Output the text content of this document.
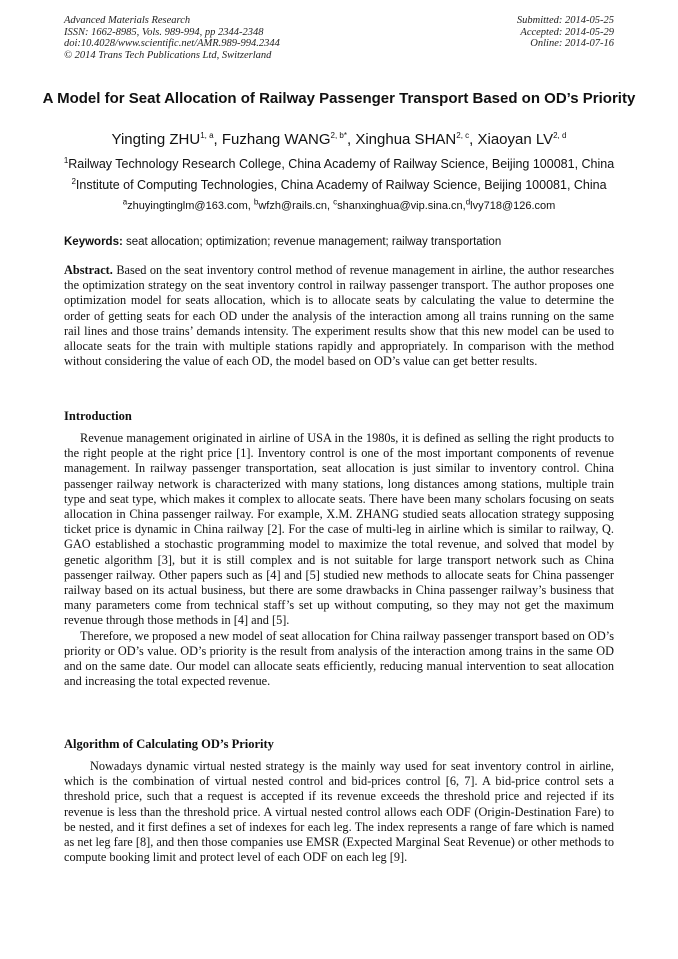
Advanced Materials Research
ISSN: 1662-8985, Vols. 989-994, pp 2344-2348
doi:10.4028/www.scientific.net/AMR.989-994.2344
© 2014 Trans Tech Publications Ltd, Switzerland
Submitted: 2014-05-25
Accepted: 2014-05-29
Online: 2014-07-16
A Model for Seat Allocation of Railway Passenger Transport Based on OD’s Priority
Yingting ZHU$^{1, a}$, Fuzhang $WANG^{2, b*}$, Xinghua SHAN$^{2, c}$, Xiaoyan LV$^{2, d}$
$^1$Railway Technology Research College, China Academy of Railway Science, Beijing 100081, China
$^2$Institute of Computing Technologies, China Academy of Railway Science, Beijing 100081, China
$^a$zhuyingtinglm@163.com, $^b$wfzh@rails.cn, $^c$shanxinghua@vip.sina.cn,$^d$lvy718@126.com
Keywords: seat allocation; optimization; revenue management; railway transportation

Abstract. Based on the seat inventory control method of revenue management in airline, the author researches the optimization strategy on the seat inventory control in railway passenger transport. The author proposes one optimization model for seats allocation, which is to allocate seats by calculating the value to determine the order of getting seats for each OD under the analysis of the interaction among all trains running on the same rail lines and those trains’ demands intensity. The experiment results show that this new model can be used to allocate seats for the train with multiple stations rapidly and appropriately. In comparison with the method without considering the value of each OD, the model based on OD’s value can get better results.

Introduction

Revenue management originated in airline of USA in the 1980s, it is defined as selling the right products to the right people at the right price [1]. Inventory control is one of the most important components of revenue management. In railway passenger transportation, seat allocation is just similar to inventory control. China passenger railway network is characterized with many stations, long distances among stations, multiple train type and seat type, which makes it complex to allocate seats. There have been many scholars focusing on seats allocation in China passenger railway. For example, X.M. ZHANG studied seats allocation strategy supposing ticket price is dynamic in China railway [2]. For the case of multi-leg in airline which is similar to railway, Q. GAO established a stochastic programming model to maximize the total revenue, and solved that model by genetic algorithm [3], but it is still complex and is not suitable for large transport network such as China passenger railway. Other papers such as [4] and [5] studied new methods to allocate seats for China passenger railway based on its actual business, but there are some drawbacks in China passenger railway’s business that many parameters come from technical staff’s set up without computing, so they may not get the maximum revenue through those methods in [4] and [5].

Therefore, we proposed a new model of seat allocation for China railway passenger transport based on OD’s priority or OD’s value. OD’s priority is the result from analysis of the interaction among trains in the same OD and on the same date. Our model can allocate seats efficiently, reducing manual intervention to seat allocation and increasing the total expected revenue.

Algorithm of Calculating OD’s Priority

Nowadays dynamic virtual nested strategy is the mainly way used for seat inventory control in airline, which is the combination of virtual nested control and bid-prices control [6, 7]. A bid-price control sets a threshold price, such that a request is accepted if its revenue exceeds the threshold price and rejected if its revenue is less than the threshold price. A virtual nested control allows each ODF (Origin-Destination Fare) to be nested, and it first defines a set of indexes for each leg. The index represents a range of fare which is named as net leg fare [8], and then those companies use EMSR (Expected Marginal Seat Revenue) or other methods to compute booking limit and protect level of each ODF on each leg [9].
